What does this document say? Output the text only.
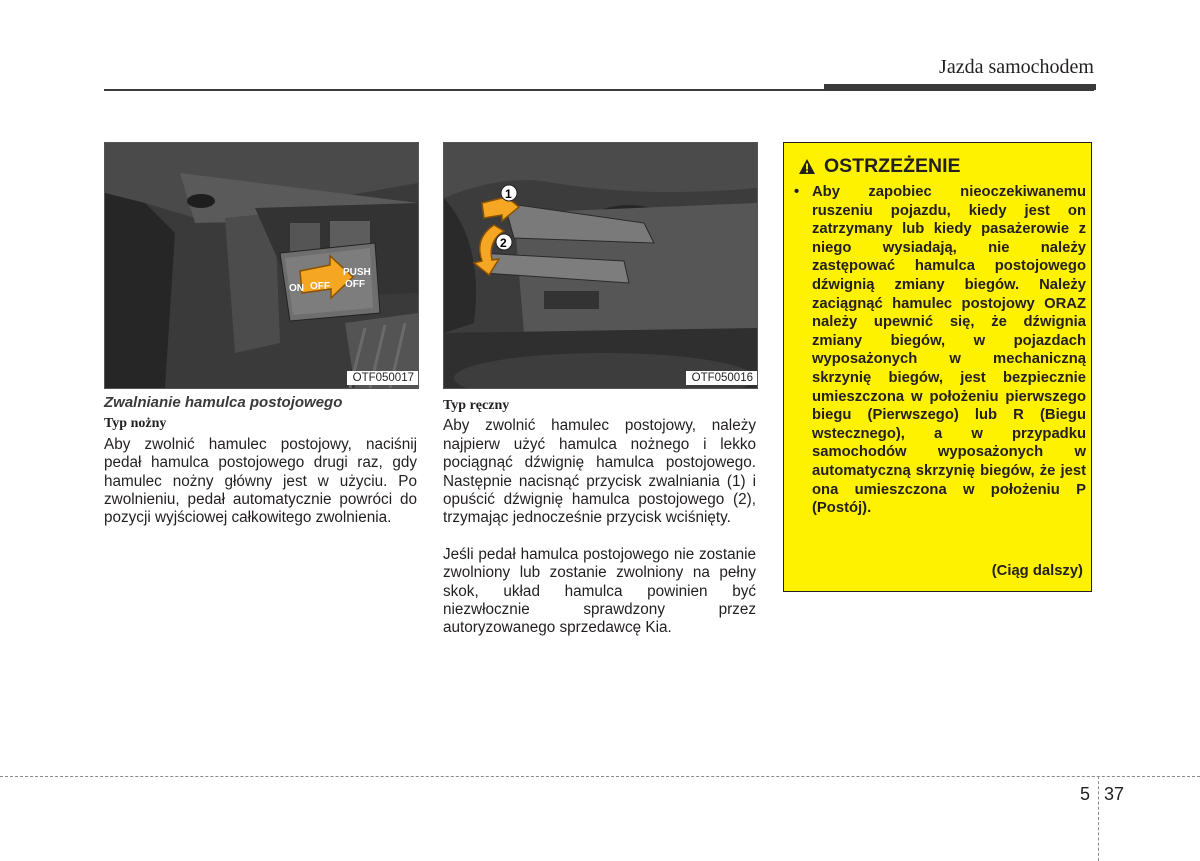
Jazda samochodem
ON OFF
PUSH
OFF
OTF050017
1
2
OTF050016
Zwalnianie hamulca postojowego
Typ nożny

Aby zwolnić hamulec postojowy, naciśnij pedał hamulca postojowego drugi raz, gdy hamulec nożny główny jest w użyciu. Po zwolnieniu, pedał automatycznie powróci do pozycji wyjściowej całkowitego zwolnienia.

Typ ręczny

Aby zwolnić hamulec postojowy, należy najpierw użyć hamulca nożnego i lekko pociągnąć dźwignię hamulca postojowego. Następnie nacisnąć przycisk zwalniania (1) i opuścić dźwignię hamulca postojowego (2), trzymając jednocześnie przycisk wciśnięty.

Jeśli pedał hamulca postojowego nie zostanie zwolniony lub zostanie zwolniony na pełny skok, układ hamulca powinien być niezwłocznie sprawdzony przez autoryzowanego sprzedawcę Kia.

OSTRZEŻENIE
• Aby zapobiec nieoczekiwanemu ruszeniu pojazdu, kiedy jest on zatrzymany lub kiedy pasażerowie z niego wysiadają, nie należy zastępować hamulca postojowego dźwignią zmiany biegów. Należy zaciągnąć hamulec postojowy ORAZ należy upewnić się, że dźwignia zmiany biegów, w pojazdach wyposażonych w mechaniczną skrzynię biegów, jest bezpiecznie umieszczona w położeniu pierwszego biegu (Pierwszego) lub R (Biegu wstecznego), a w przypadku samochodów wyposażonych w automatyczną skrzynię biegów, że jest ona umieszczona w położeniu P (Postój).
(Ciąg dalszy)
5 37
